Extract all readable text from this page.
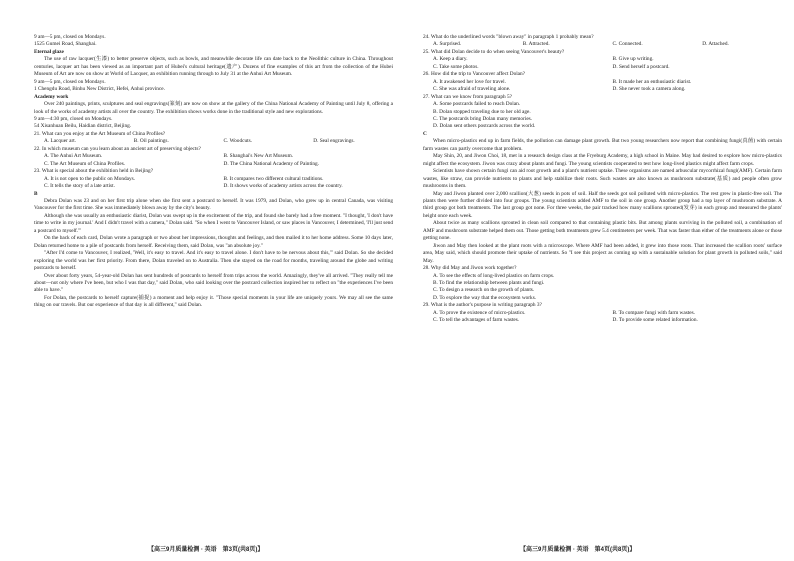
9 am—5 pm, closed on Mondays.

1525 Gumei Road, Shanghai.

Eternal glaze

The use of raw lacquer(生漆) to better preserve objects, such as bowls, and meanwhile decorate life can date back to the Neolithic culture in China. Throughout centuries, lacquer art has been viewed as an important part of Hubei's cultural heritage(遗产). Dozens of fine examples of this art from the collection of the Hubei Museum of Art are now on show at World of Lacquer, an exhibition running through to July 31 at the Anhui Art Museum.

9 am—5 pm, closed on Mondays.

1 Chengdu Road, Binhu New District, Hefei, Anhui province.

Academy work

Over 240 paintings, prints, sculptures and seal engravings(篆刻) are now on show at the gallery of the China National Academy of Painting until July 8, offering a look of the works of academy artists all over the country. The exhibition shows works done in the traditional style and new explorations.

9 am—4:30 pm, closed on Mondays.

54 Xisanhuan Beilu, Haidian district, Beijing.

21. What can you enjoy at the Art Museum of China Profiles?

A. Lacquer art.	B. Oil paintings.	C. Woodcuts.	D. Seal engravings.

22. In which museum can you learn about an ancient art of preserving objects?

A. The Anhui Art Museum.	B. Shanghai's New Art Museum.
C. The Art Museum of China Profiles.	D. The China National Academy of Painting.

23. What is special about the exhibition held in Beijing?

A. It is not open to the public on Mondays.	B. It compares two different cultural traditions.
C. It tells the story of a late artist.	D. It shows works of academy artists across the country.

B

Debra Dolan was 23 and on her first trip alone when she first sent a postcard to herself. It was 1979, and Dolan, who grew up in central Canada, was visiting Vancouver for the first time. She was immediately blown away by the city's beauty.

Although she was usually an enthusiastic diarist, Dolan was swept up in the excitement of the trip, and found she barely had a free moment. "I thought, 'I don't have time to write in my journal.' And I didn't travel with a camera," Dolan said. "So when I went to Vancouver Island, or saw places in Vancouver, I determined, 'I'll just send a postcard to myself.'"

On the back of each card, Dolan wrote a paragraph or two about her impressions, thoughts and feelings, and then mailed it to her home address. Some 10 days later, Dolan returned home to a pile of postcards from herself. Receiving them, said Dolan, was "an absolute joy."

"After I'd come to Vancouver, I realized, 'Well, it's easy to travel. And it's easy to travel alone. I don't have to be nervous about this,'" said Dolan. So she decided exploring the world was her first priority. From there, Dolan traveled on to Australia. Then she stayed on the road for months, traveling around the globe and writing postcards to herself.

Over about forty years, 54-year-old Dolan has sent hundreds of postcards to herself from trips across the world. Amazingly, they've all arrived. "They really tell me about—not only where I've been, but who I was that day," said Dolan, who said looking over the postcard collection inspired her to reflect on "the experiences I've been able to have."

For Dolan, the postcards to herself capture(捕捉) a moment and help enjoy it. "Those special moments in your life are uniquely yours. We may all see the same thing on our travels. But our experience of that day is all different," said Dolan.

24. What do the underlined words "blown away" in paragraph 1 probably mean?

A. Surprised.	B. Attracted.	C. Connected.	D. Attached.

25. What did Dolan decide to do when seeing Vancouver's beauty?

A. Keep a diary.	B. Give up writing.
C. Take some photos.	D. Send herself a postcard.

26. How did the trip to Vancouver affect Dolan?

A. It awakened her love for travel.	B. It made her an enthusiastic diarist.
C. She was afraid of traveling alone.	D. She never took a camera along.

27. What can we know from paragraph 5?

A. Some postcards failed to reach Dolan.
B. Dolan stopped traveling due to her old age.
C. The postcards bring Dolan many memories.
D. Dolan sent others postcards across the world.

C

When micro-plastics end up in farm fields, the pollution can damage plant growth. But two young researchers now report that combining fungi(真菌) with certain farm wastes can partly overcome that problem.

May Shin, 20, and Jiwon Choi, 18, met in a research design class at the Fryeburg Academy, a high school in Maine. May had desired to explore how micro-plastics might affect the ecosystem. Jiwon was crazy about plants and fungi. The young scientists cooperated to test how long-lived plastics might affect farm crops.

Scientists have shown certain fungi can aid root growth and a plant's nutrient uptake. These organisms are named arbuscular mycorrhizal fungi(AMF). Certain farm wastes, like straw, can provide nutrients to plants and help stabilize their roots. Such wastes are also known as mushroom substrate(基质) and people often grow mushrooms in them.

May and Jiwon planted over 2,000 scallion(大葱) seeds in pots of soil. Half the seeds got soil polluted with micro-plastics. The rest grew in plastic-free soil. The plants then were further divided into four groups. The young scientists added AMF to the soil in one group. Another group had a top layer of mushroom substrate. A third group got both treatments. The last group got none. For three weeks, the pair tracked how many scallions sprouted(发芽) in each group and measured the plants' height once each week.

About twice as many scallions sprouted in clean soil compared to that containing plastic bits. But among plants surviving in the polluted soil, a combination of AMF and mushroom substrate helped them out. Those getting both treatments grew 5.4 centimeters per week. That was faster than either of the treatments alone or those getting none.

Jiwon and May then looked at the plant roots with a microscope. Where AMF had been added, it grew into those roots. That increased the scallion roots' surface area, May said, which should promote their uptake of nutrients. So "I see this project as coming up with a sustainable solution for plant growth in polluted soils," said May.

28. Why did May and Jiwon work together?

A. To see the effects of long-lived plastics on farm crops.
B. To find the relationship between plants and fungi.
C. To design a research on the growth of plants.
D. To explore the way that the ecosystem works.

29. What is the author's purpose in writing paragraph 3?

A. To prove the existence of micro-plastics.	B. To compare fungi with farm wastes.
C. To tell the advantages of farm wastes.	D. To provide some related information.
【高三9月质量检测 · 英语　第3页(共8页)】	【高三9月质量检测 · 英语　第4页(共8页)】
